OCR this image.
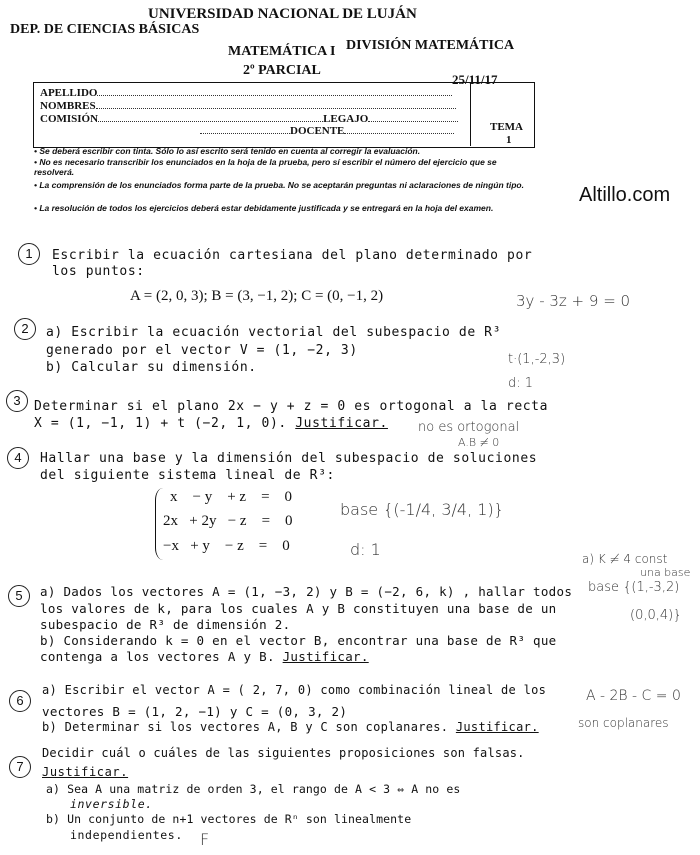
UNIVERSIDAD NACIONAL DE LUJÁN
DEP. DE CIENCIAS BÁSICAS
DIVISIÓN MATEMÁTICA
MATEMÁTICA I
2º PARCIAL
25/11/17
APELLIDO
NOMBRES
COMISIÓN	LEGAJO
DOCENTE	TEMA
1
• Se deberá escribir con tinta. Sólo lo así escrito será tenido en cuenta al corregir la evaluación.
• No es necesario transcribir los enunciados en la hoja de la prueba, pero sí escribir el número del ejercicio que se resolverá.
• La comprensión de los enunciados forma parte de la prueba. No se aceptarán preguntas ni aclaraciones de ningún tipo.
• La resolución de todos los ejercicios deberá estar debidamente justificada y se entregará en la hoja del examen.
Altillo.com
1	Escribir la ecuación cartesiana del plano determinado por
los puntos:
A = (2, 0, 3); B = (3, −1, 2); C = (0, −1, 2)	3y - 3z + 9 = 0
2	a) Escribir la ecuación vectorial del subespacio de R³
generado por el vector V = (1, −2, 3)
b) Calcular su dimensión.
t·(1,-2,3)
d: 1
3	Determinar si el plano 2x − y + z = 0 es ortogonal a la recta
X = (1, −1, 1) + t (−2, 1, 0). Justificar. no es ortogonal
A.B ≠ 0
4	Hallar una base y la dimensión del subespacio de soluciones
del siguiente sistema lineal de R³:
x    − y    + z    =    0
2x   + 2y   − z    =    0
−x   + y    − z    =    0
base {(-1/4, 3/4, 1)}
d: 1
5	a) Dados los vectores A = (1, −3, 2) y B = (−2, 6, k) , hallar todos
los valores de k, para los cuales A y B constituyen una base de un
subespacio de R³ de dimensión 2.
b) Considerando k = 0 en el vector B, encontrar una base de R³ que
contenga a los vectores A y B. Justificar.
a) K ≠ 4 const
una base
base {(1,-3,2)
(0,0,4)}
6
a) Escribir el vector A = ( 2, 7, 0) como combinación lineal de los
vectores B = (1, 2, −1) y C = (0, 3, 2)
b) Determinar si los vectores A, B y C son coplanares. Justificar.
A - 2B - C = 0
son coplanares
7
Decidir cuál o cuáles de las siguientes proposiciones son falsas.
Justificar.
a) Sea A una matriz de orden 3, el rango de A < 3 ⇔ A no es
inversible.
b) Un conjunto de n+1 vectores de Rⁿ son linealmente
independientes. F
